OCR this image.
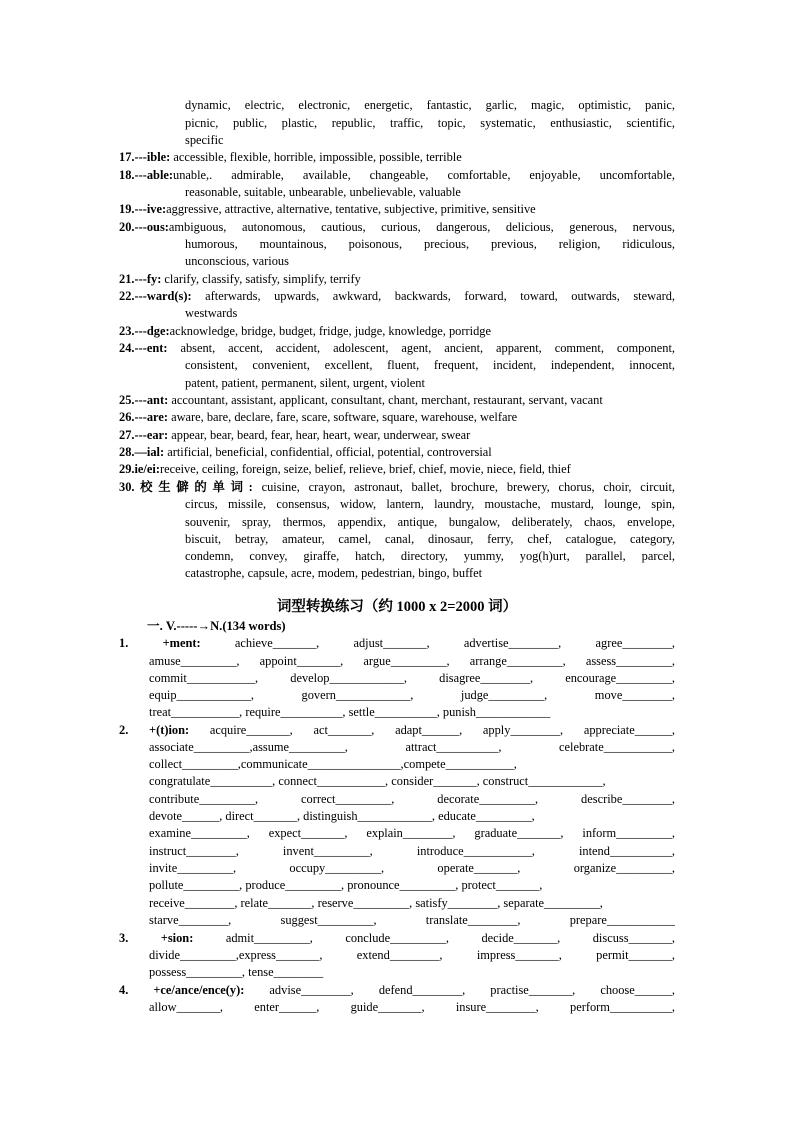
dynamic, electric, electronic, energetic, fantastic, garlic, magic, optimistic, panic,
picnic, public, plastic, republic, traffic, topic, systematic, enthusiastic, scientific,
specific
17.---ible: accessible, flexible, horrible, impossible, possible, terrible
18.---able:unable,. admirable, available, changeable, comfortable, enjoyable, uncomfortable,
reasonable, suitable, unbearable, unbelievable, valuable
19.---ive:aggressive, attractive, alternative, tentative, subjective, primitive, sensitive
20.---ous:ambiguous, autonomous, cautious, curious, dangerous, delicious, generous, nervous,
humorous, mountainous, poisonous, precious, previous, religion, ridiculous,
unconscious, various
21.---fy: clarify, classify, satisfy, simplify, terrify
22.---ward(s): afterwards, upwards, awkward, backwards, forward, toward, outwards, steward,
westwards
23.---dge:acknowledge, bridge, budget, fridge, judge, knowledge, porridge
24.---ent: absent, accent, accident, adolescent, agent, ancient, apparent, comment, component,
consistent, convenient, excellent, fluent, frequent, incident, independent, innocent,
patent, patient, permanent, silent, urgent, violent
25.---ant: accountant, assistant, applicant, consultant, chant, merchant, restaurant, servant, vacant
26.---are: aware, bare, declare, fare, scare, software, square, warehouse, welfare
27.---ear: appear, bear, beard, fear, hear, heart, wear, underwear, swear
28.—ial: artificial, beneficial, confidential, official, potential, controversial
29.ie/ei:receive, ceiling, foreign, seize, belief, relieve, brief, chief, movie, niece, field, thief
30.校生僻的单词: cuisine, crayon, astronaut, ballet, brochure, brewery, chorus, choir, circuit,
circus, missile, consensus, widow, lantern, laundry, moustache, mustard, lounge, spin,
souvenir, spray, thermos, appendix, antique, bungalow, deliberately, chaos, envelope,
biscuit, betray, amateur, camel, canal, dinosaur, ferry, chef, catalogue, category,
condemn, convey, giraffe, hatch, directory, yummy, yog(h)urt, parallel, parcel,
catastrophe, capsule, acre, modem, pedestrian, bingo, buffet
词型转换练习（约 1000 x 2=2000 词）
一. V.-----→N.(134 words)
1. +ment: achieve_______, adjust_______, advertise________, agree________,
amuse_________, appoint_______, argue_________, arrange_________, assess_________,
commit___________, develop____________, disagree________, encourage_________,
equip____________, govern____________, judge_________, move________,
treat___________, require__________, settle__________, punish____________
2. +(t)ion: acquire_______, act_______, adapt______, apply________, appreciate______,
associate_________,assume_________, attract__________, celebrate___________,
collect_________,communicate_______________,compete___________,
congratulate__________, connect___________, consider_______, construct____________,
contribute_________, correct_________, decorate_________, describe________,
devote______, direct_______, distinguish____________, educate_________,
examine_________, expect_______, explain________, graduate_______, inform_________,
instruct________, invent_________, introduce___________, intend__________,
invite_________, occupy_________, operate_______, organize_________,
pollute_________, produce_________, pronounce_________, protect_______,
receive________, relate_______, reserve_________, satisfy________, separate_________,
starve________, suggest_________, translate________, prepare___________
3. +sion: admit_________, conclude_________, decide_______, discuss_______,
divide_________,express_______, extend________, impress_______, permit_______,
possess_________, tense________
4. +ce/ance/ence(y): advise________, defend________, practise_______, choose______,
allow_______, enter______, guide_______, insure________, perform__________,
